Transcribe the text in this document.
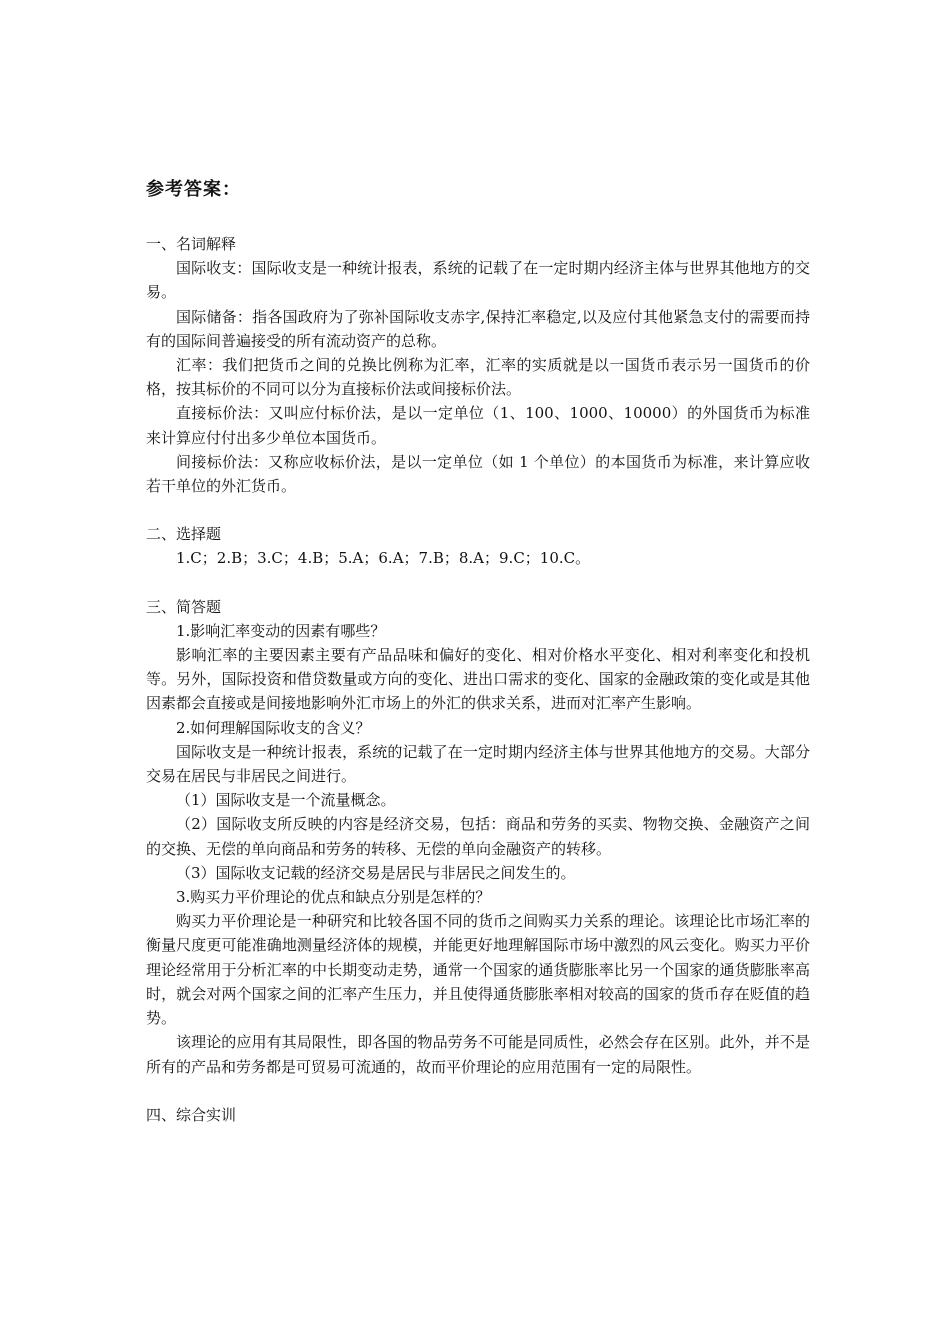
参考答案：

一、名词解释

国际收支：国际收支是一种统计报表，系统的记载了在一定时期内经济主体与世界其他地方的交易。

国际储备：指各国政府为了弥补国际收支赤字,保持汇率稳定,以及应付其他紧急支付的需要而持有的国际间普遍接受的所有流动资产的总称。

汇率：我们把货币之间的兑换比例称为汇率，汇率的实质就是以一国货币表示另一国货币的价格，按其标价的不同可以分为直接标价法或间接标价法。

直接标价法：又叫应付标价法，是以一定单位（1、100、1000、10000）的外国货币为标准来计算应付付出多少单位本国货币。

间接标价法：又称应收标价法，是以一定单位（如 1 个单位）的本国货币为标准，来计算应收若干单位的外汇货币。

二、选择题

1.C；2.B；3.C；4.B；5.A；6.A；7.B；8.A；9.C；10.C。

三、简答题

1.影响汇率变动的因素有哪些？

影响汇率的主要因素主要有产品品味和偏好的变化、相对价格水平变化、相对利率变化和投机等。另外，国际投资和借贷数量或方向的变化、进出口需求的变化、国家的金融政策的变化或是其他因素都会直接或是间接地影响外汇市场上的外汇的供求关系，进而对汇率产生影响。

2.如何理解国际收支的含义？

国际收支是一种统计报表，系统的记载了在一定时期内经济主体与世界其他地方的交易。大部分交易在居民与非居民之间进行。

（1）国际收支是一个流量概念。

（2）国际收支所反映的内容是经济交易，包括：商品和劳务的买卖、物物交换、金融资产之间的交换、无偿的单向商品和劳务的转移、无偿的单向金融资产的转移。

（3）国际收支记载的经济交易是居民与非居民之间发生的。

3.购买力平价理论的优点和缺点分别是怎样的？

购买力平价理论是一种研究和比较各国不同的货币之间购买力关系的理论。该理论比市场汇率的衡量尺度更可能准确地测量经济体的规模，并能更好地理解国际市场中激烈的风云变化。购买力平价理论经常用于分析汇率的中长期变动走势，通常一个国家的通货膨胀率比另一个国家的通货膨胀率高时，就会对两个国家之间的汇率产生压力，并且使得通货膨胀率相对较高的国家的货币存在贬值的趋势。

该理论的应用有其局限性，即各国的物品劳务不可能是同质性，必然会存在区别。此外，并不是所有的产品和劳务都是可贸易可流通的，故而平价理论的应用范围有一定的局限性。

四、综合实训
